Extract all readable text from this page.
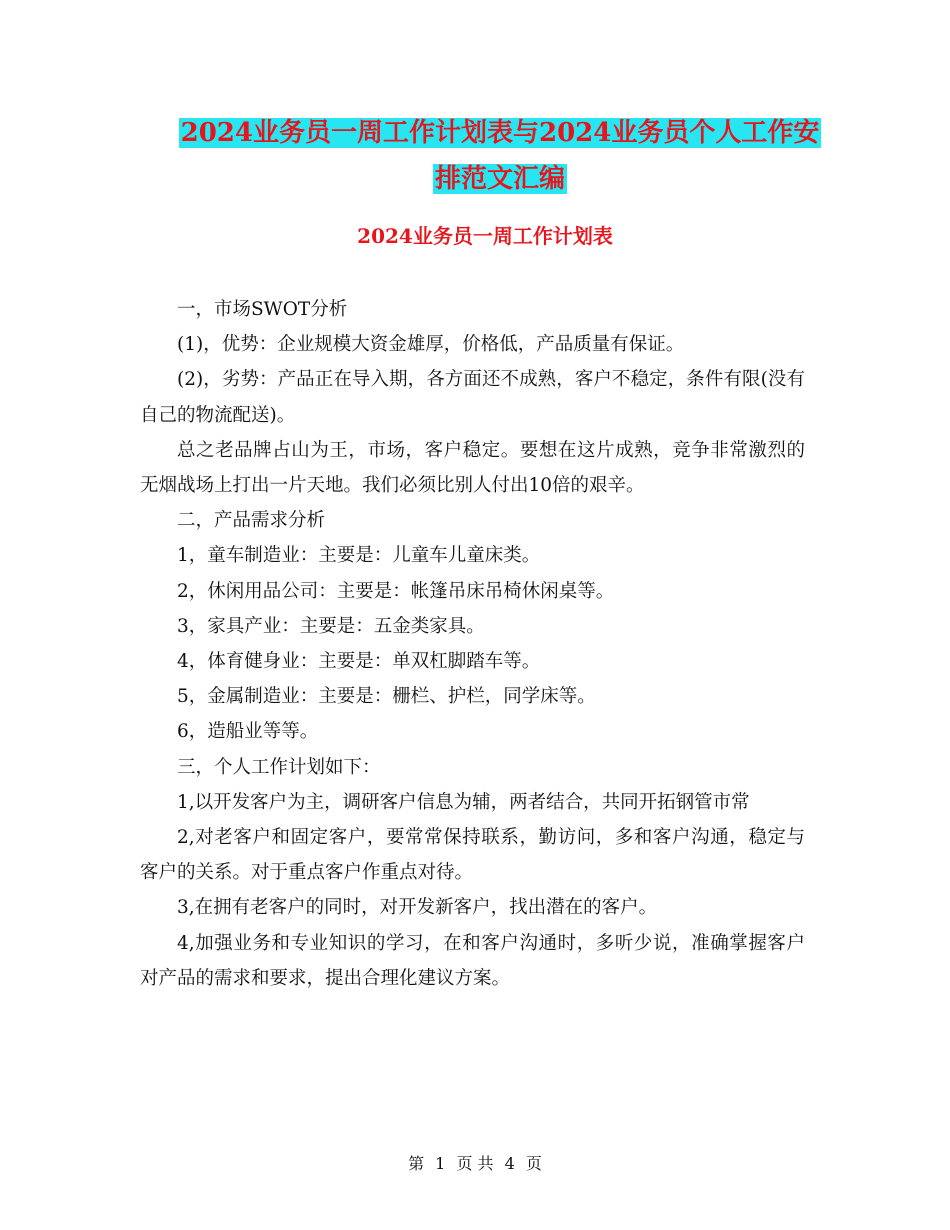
2024业务员一周工作计划表与2024业务员个人工作安
排范文汇编
2024业务员一周工作计划表

一，市场SWOT分析

(1)，优势：企业规模大资金雄厚，价格低，产品质量有保证。

(2)，劣势：产品正在导入期，各方面还不成熟，客户不稳定，条件有限(没有自己的物流配送)。

总之老品牌占山为王，市场，客户稳定。要想在这片成熟，竞争非常激烈的无烟战场上打出一片天地。我们必须比别人付出10倍的艰辛。

二，产品需求分析

1，童车制造业：主要是：儿童车儿童床类。

2，休闲用品公司：主要是：帐篷吊床吊椅休闲桌等。

3，家具产业：主要是：五金类家具。

4，体育健身业：主要是：单双杠脚踏车等。

5，金属制造业：主要是：栅栏、护栏，同学床等。

6，造船业等等。

三，个人工作计划如下：

1,以开发客户为主，调研客户信息为辅，两者结合，共同开拓钢管市常

2,对老客户和固定客户，要常常保持联系，勤访问，多和客户沟通，稳定与客户的关系。对于重点客户作重点对待。

3,在拥有老客户的同时，对开发新客户，找出潜在的客户。

4,加强业务和专业知识的学习，在和客户沟通时，多听少说，准确掌握客户对产品的需求和要求，提出合理化建议方案。

第 1 页 共 4 页
